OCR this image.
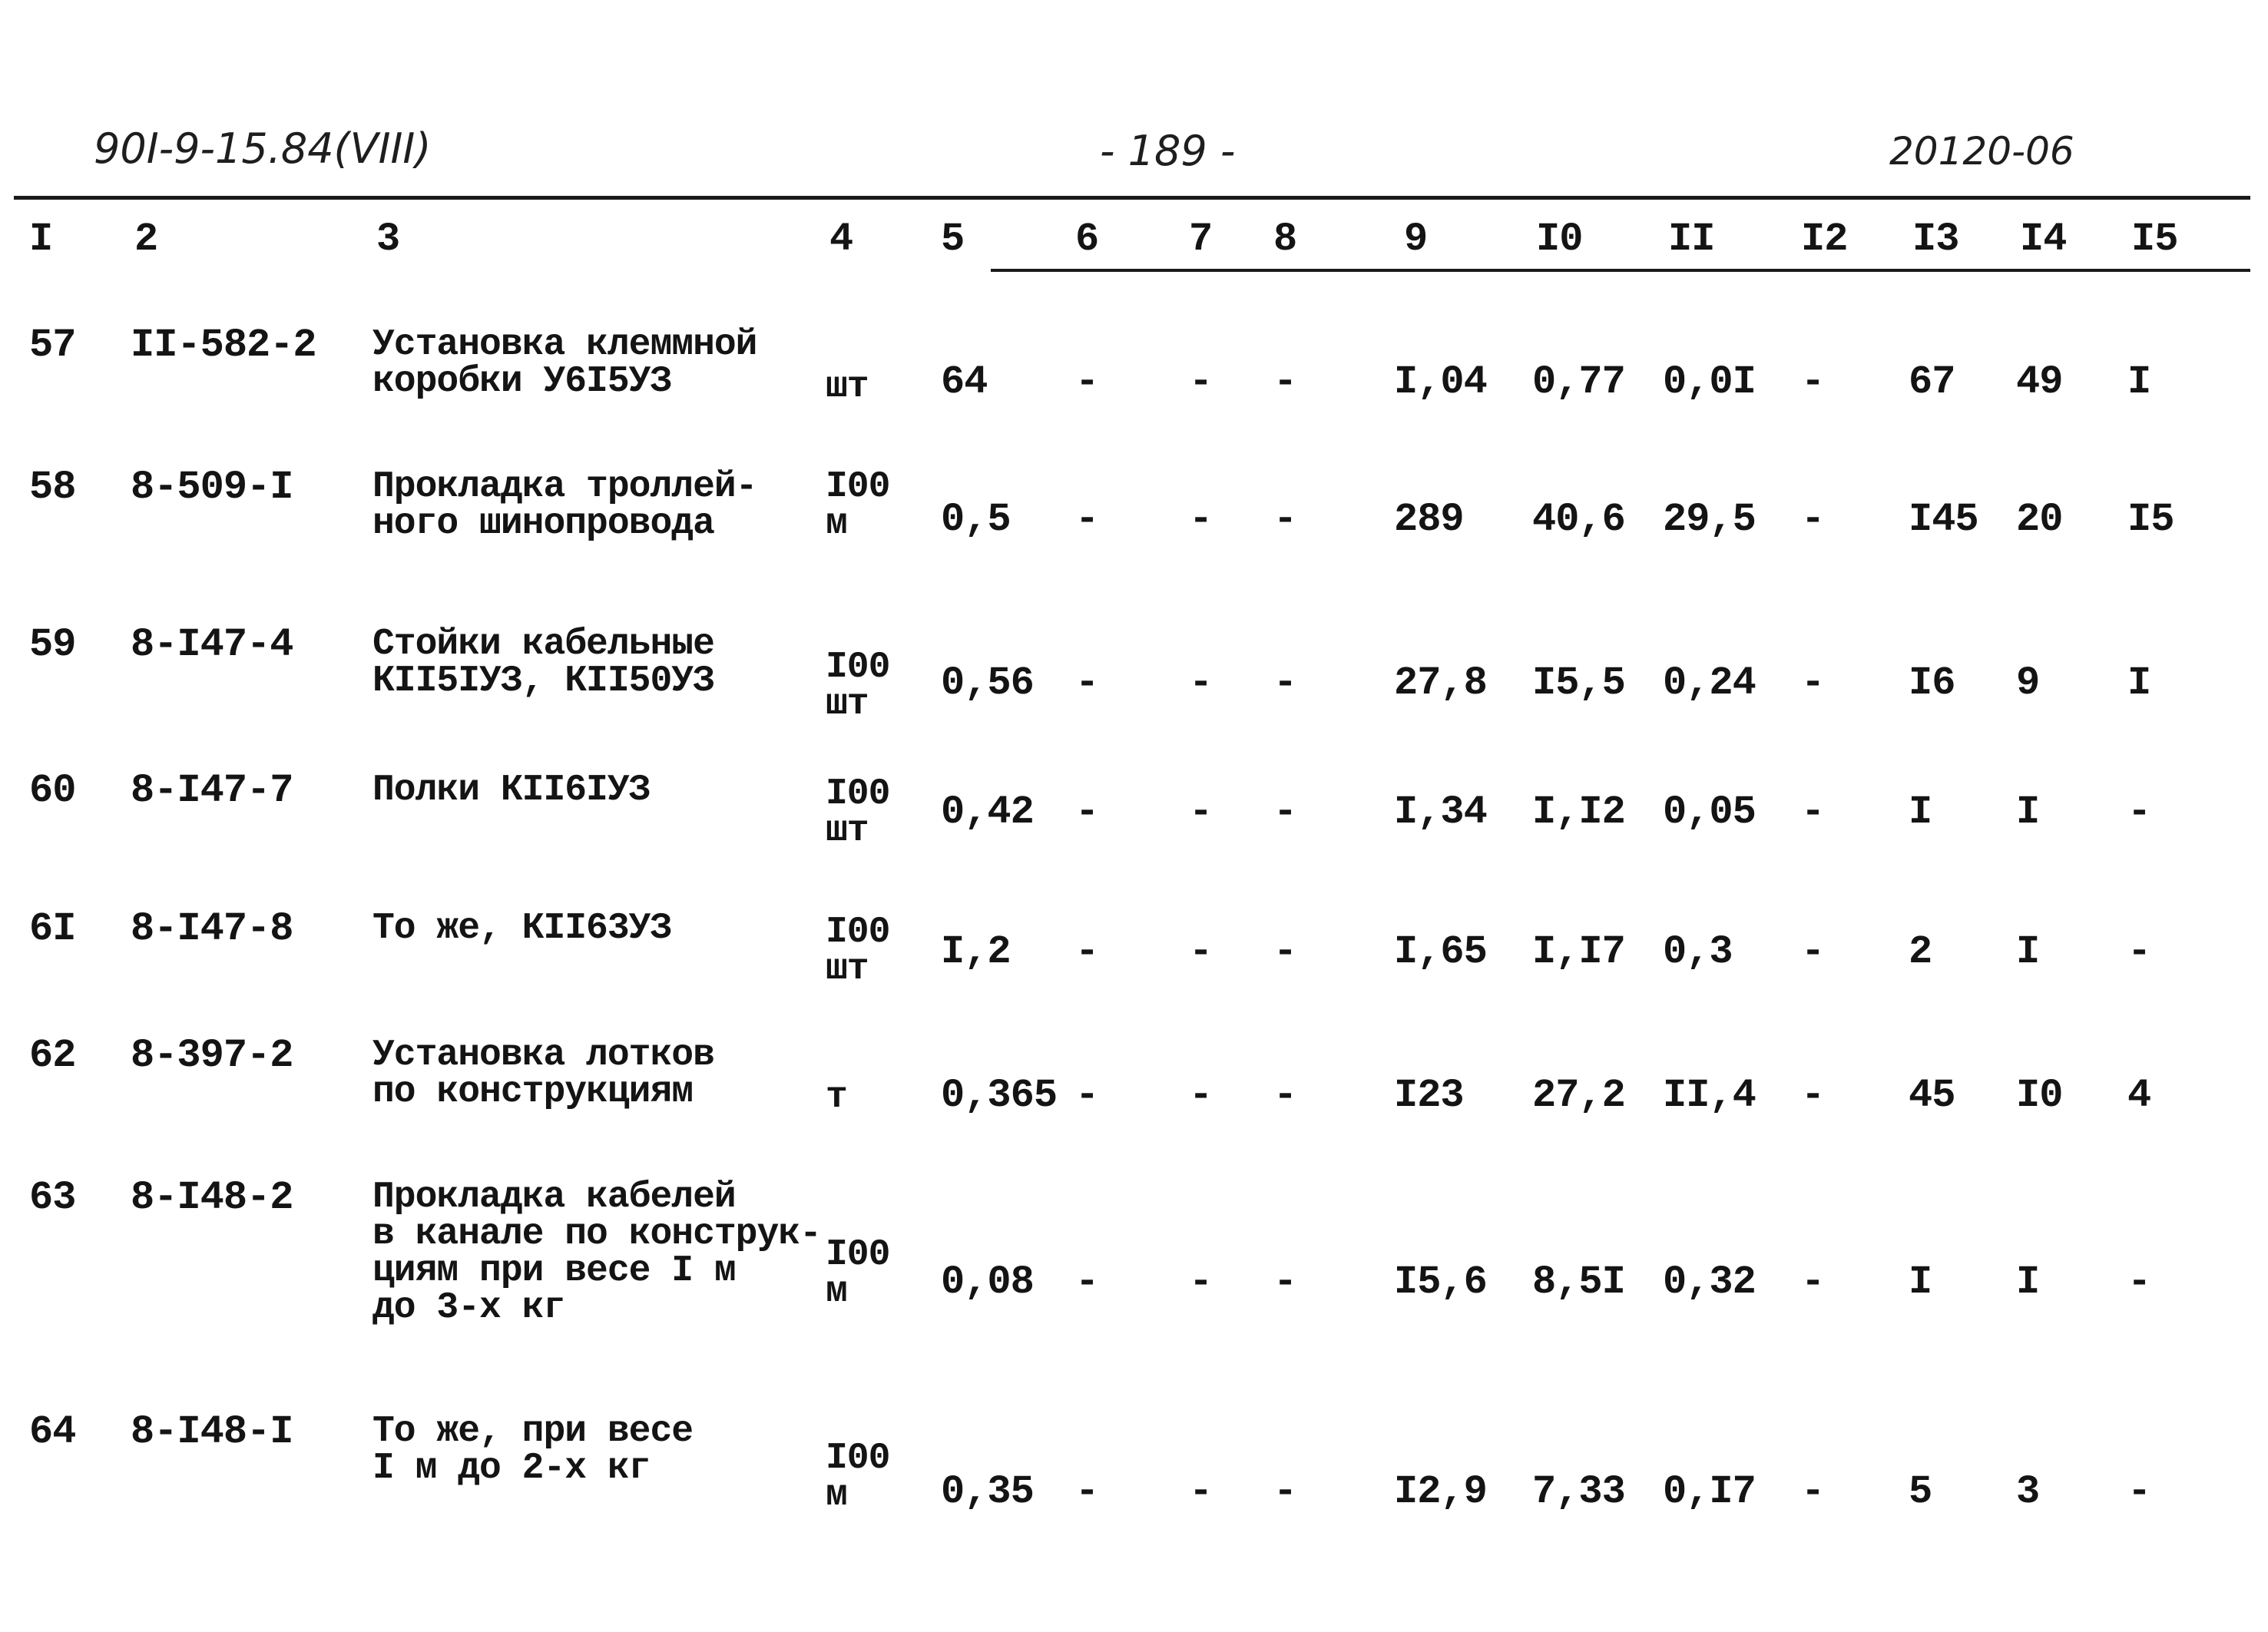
90I-9-15.84(VIII)	- 189 -	20120-06
I 2	3	4 5	6 7 8	9	I0 II I2 I3 I4 I5
57 II-582-2 Установка клеммной
коробки У6I5УЗ	шт 64 - - - I,04 0,77 0,0I - 67 49 I
58 8-509-I Прокладка троллей-
ного шинопровода
I00
м	0,5 - - - 289 40,6 29,5 - I45 20 I5
59 8-I47-4 Стойки кабельные
КII5IУЗ, КII50УЗ	I00
шт	0,56 - - - 27,8 I5,5 0,24 - I6 9 I
60 8-I47-7 Полки КII6IУЗ	I00
шт	0,42 - - - I,34 I,I2 0,05 - I I -
6I 8-I47-8 То же, КII63УЗ	I00
шт	I,2 - - - I,65 I,I7 0,3 - 2 I -
62 8-397-2 Установка лотков
по конструкциям	т 0,365 - - - I23 27,2 II,4 - 45 I0 4
63 8-I48-2 Прокладка кабелей
в канале по конструк-
циям при весе I м
до 3-х кг
I00
м	0,08 - - - I5,6 8,5I 0,32 - I I -
64 8-I48-I То же, при весе
I м до 2-х кг	I00
м	0,35 - - - I2,9 7,33 0,I7 - 5 3 -
